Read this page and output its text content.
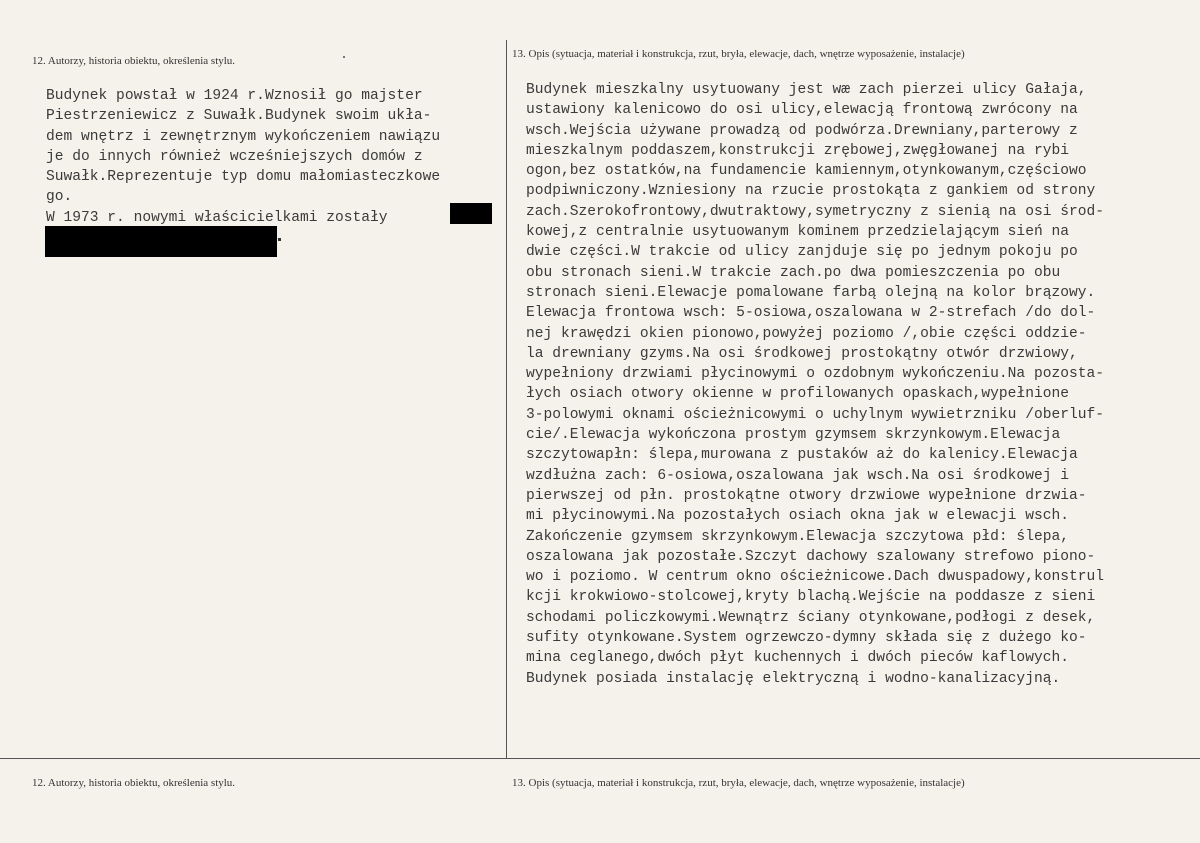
12. Autorzy, historia obiektu, określenia stylu.
13. Opis (sytuacja, materiał i konstrukcja, rzut, bryła, elewacje, dach, wnętrze wyposażenie, instalacje)
12. Autorzy, historia obiektu, określenia stylu.	13. Opis (sytuacja, materiał i konstrukcja, rzut, bryła, elewacje, dach, wnętrze wyposażenie, instalacje)
Budynek powstał w 1924 r.Wznosił go majster
Piestrzeniewicz z Suwałk.Budynek swoim ukła-
dem wnętrz i zewnętrznym wykończeniem nawiązu
je do innych również wcześniejszych domów z
Suwałk.Reprezentuje typ domu małomiasteczkowe
go.
W 1973 r. nowymi właścicielkami zostały
Budynek mieszkalny usytuowany jest wæ zach pierzei ulicy Gałaja,
ustawiony kalenicowo do osi ulicy,elewacją frontową zwrócony na
wsch.Wejścia używane prowadzą od podwórza.Drewniany,parterowy z
mieszkalnym poddaszem,konstrukcji zrębowej,zwęgłowanej na rybi
ogon,bez ostatków,na fundamencie kamiennym,otynkowanym,częściowo
podpiwniczony.Wzniesiony na rzucie prostokąta z gankiem od strony
zach.Szerokofrontowy,dwutraktowy,symetryczny z sienią na osi środ-
kowej,z centralnie usytuowanym kominem przedzielającym sień na
dwie części.W trakcie od ulicy zanjduje się po jednym pokoju po
obu stronach sieni.W trakcie zach.po dwa pomieszczenia po obu
stronach sieni.Elewacje pomalowane farbą olejną na kolor brązowy.
Elewacja frontowa wsch: 5-osiowa,oszalowana w 2-strefach /do dol-
nej krawędzi okien pionowo,powyżej poziomo /,obie części oddzie-
la drewniany gzyms.Na osi środkowej prostokątny otwór drzwiowy,
wypełniony drzwiami płycinowymi o ozdobnym wykończeniu.Na pozosta-
łych osiach otwory okienne w profilowanych opaskach,wypełnione
3-polowymi oknami ościeżnicowymi o uchylnym wywietrzniku /oberluf-
cie/.Elewacja wykończona prostym gzymsem skrzynkowym.Elewacja
szczytowapłn: ślepa,murowana z pustaków aż do kalenicy.Elewacja
wzdłużna zach: 6-osiowa,oszalowana jak wsch.Na osi środkowej i
pierwszej od płn. prostokątne otwory drzwiowe wypełnione drzwia-
mi płycinowymi.Na pozostałych osiach okna jak w elewacji wsch.
Zakończenie gzymsem skrzynkowym.Elewacja szczytowa płd: ślepa,
oszalowana jak pozostałe.Szczyt dachowy szalowany strefowo piono-
wo i poziomo. W centrum okno ościeżnicowe.Dach dwuspadowy,konstrul
kcji krokwiowo-stolcowej,kryty blachą.Wejście na poddasze z sieni
schodami policzkowymi.Wewnątrz ściany otynkowane,podłogi z desek,
sufity otynkowane.System ogrzewczo-dymny składa się z dużego ko-
mina ceglanego,dwóch płyt kuchennych i dwóch pieców kaflowych.
Budynek posiada instalację elektryczną i wodno-kanalizacyjną.
